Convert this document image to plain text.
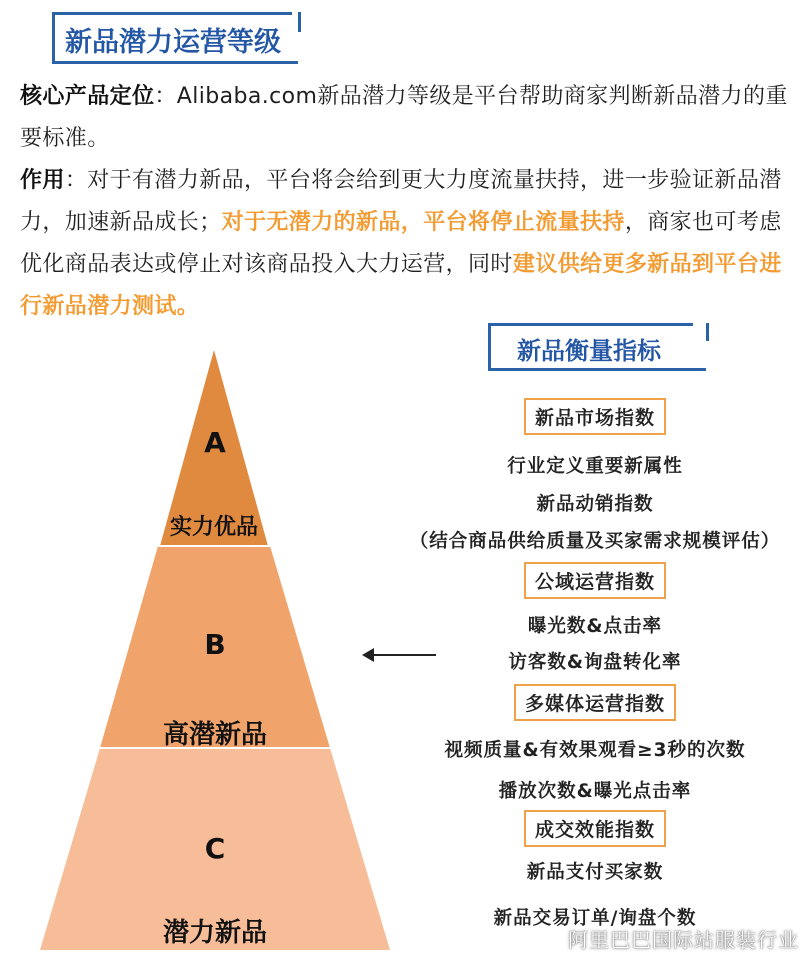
新品潜力运营等级
核心产品定位：Alibaba.com新品潜力等级是平台帮助商家判断新品潜力的重要标准。
作用：对于有潜力新品，平台将会给到更大力度流量扶持，进一步验证新品潜力，加速新品成长；对于无潜力的新品，平台将停止流量扶持，商家也可考虑优化商品表达或停止对该商品投入大力运营，同时建议供给更多新品到平台进行新品潜力测试。
A
实力优品
B
高潜新品
C
潜力新品
新品衡量指标
新品市场指数
行业定义重要新属性
新品动销指数
（结合商品供给质量及买家需求规模评估）
公域运营指数
曝光数&点击率
访客数&询盘转化率
多媒体运营指数
视频质量&有效果观看≥3秒的次数
播放次数&曝光点击率
成交效能指数
新品支付买家数
新品交易订单/询盘个数
阿里巴巴国际站服装行业
